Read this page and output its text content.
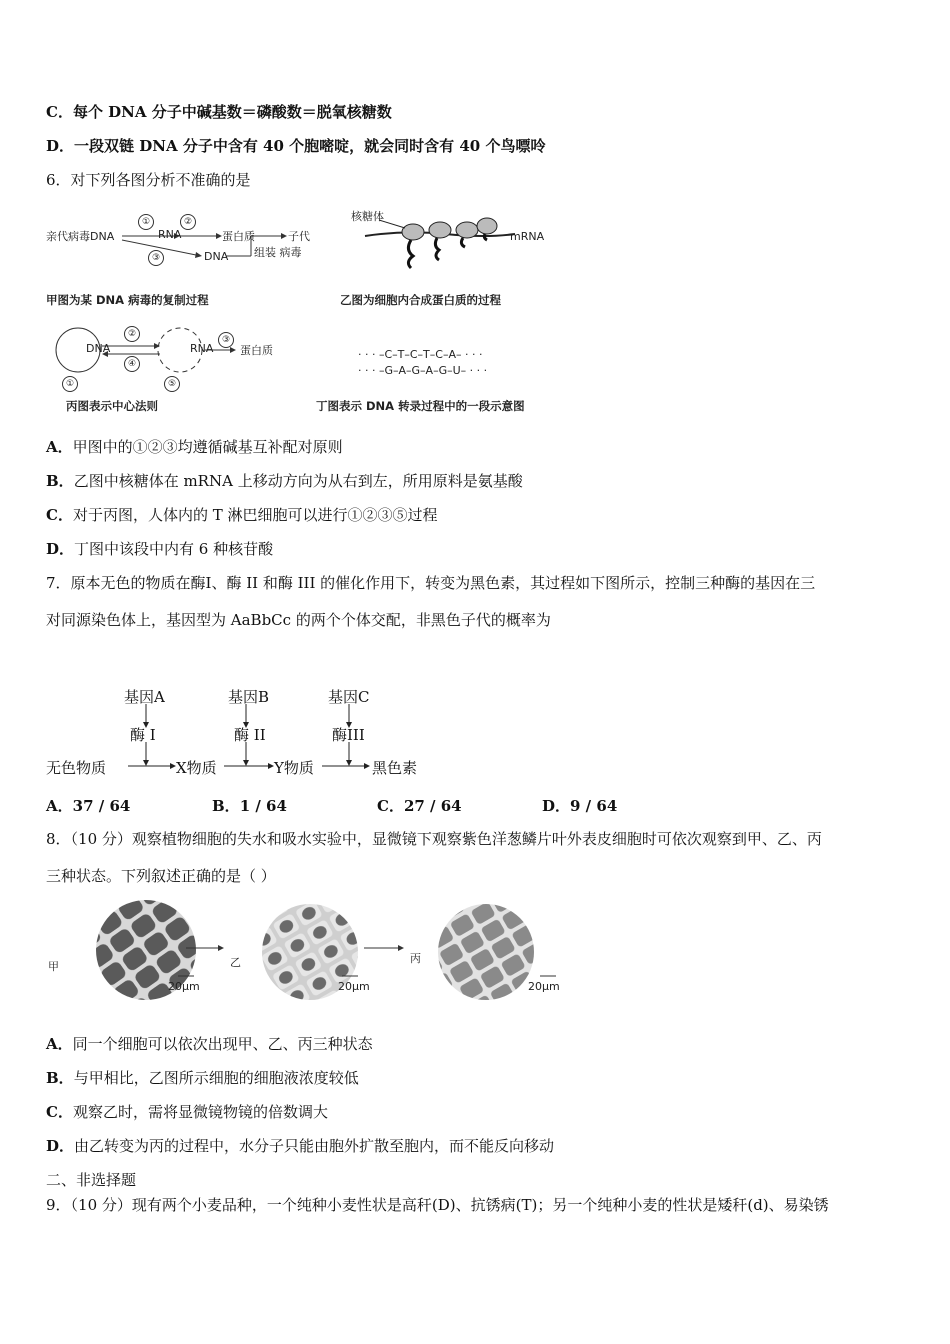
C．每个 DNA 分子中碱基数＝磷酸数＝脱氧核糖数
D．一段双链 DNA 分子中含有 40 个胞嘧啶，就会同时含有 40 个鸟嘌呤
6．对下列各图分析不准确的是
亲代病毒DNA
①
RNA
②
蛋白质
③	DNA
子代
组装 病毒
甲图为某 DNA 病毒的复制过程
核糖体
mRNA
乙图为细胞内合成蛋白质的过程
DNA	RNA 蛋白质
②
④
③
①	⑤
丙图表示中心法则
· · · –C–T–C–T–C–A– · · ·
· · · –G–A–G–A–G–U– · · ·
丁图表示 DNA 转录过程中的一段示意图
A．甲图中的①②③均遵循碱基互补配对原则
B．乙图中核糖体在 mRNA 上移动方向为从右到左，所用原料是氨基酸
C．对于丙图，人体内的 T 淋巴细胞可以进行①②③⑤过程
D．丁图中该段中内有 6 种核苷酸
7．原本无色的物质在酶Ⅰ、酶 II 和酶 III 的催化作用下，转变为黑色素，其过程如下图所示，控制三种酶的基因在三
对同源染色体上，基因型为 AaBbCc 的两个个体交配，非黑色子代的概率为
基因A	基因B	基因C
酶 I	酶 II	酶III
无色物质	X物质	Y物质	黑色素
A．37 / 64	B．1 / 64	C．27 / 64	D．9 / 64
8．（10 分）观察植物细胞的失水和吸水实验中，显微镜下观察紫色洋葱鳞片叶外表皮细胞时可依次观察到甲、乙、丙
三种状态。下列叙述正确的是（ ）
甲	乙	丙
20μm	20μm	20μm
A．同一个细胞可以依次出现甲、乙、丙三种状态
B．与甲相比，乙图所示细胞的细胞液浓度较低
C．观察乙时，需将显微镜物镜的倍数调大
D．由乙转变为丙的过程中，水分子只能由胞外扩散至胞内，而不能反向移动
二、非选择题
9．（10 分）现有两个小麦品种，一个纯种小麦性状是高秆(D)、抗锈病(T)；另一个纯种小麦的性状是矮秆(d)、易染锈
